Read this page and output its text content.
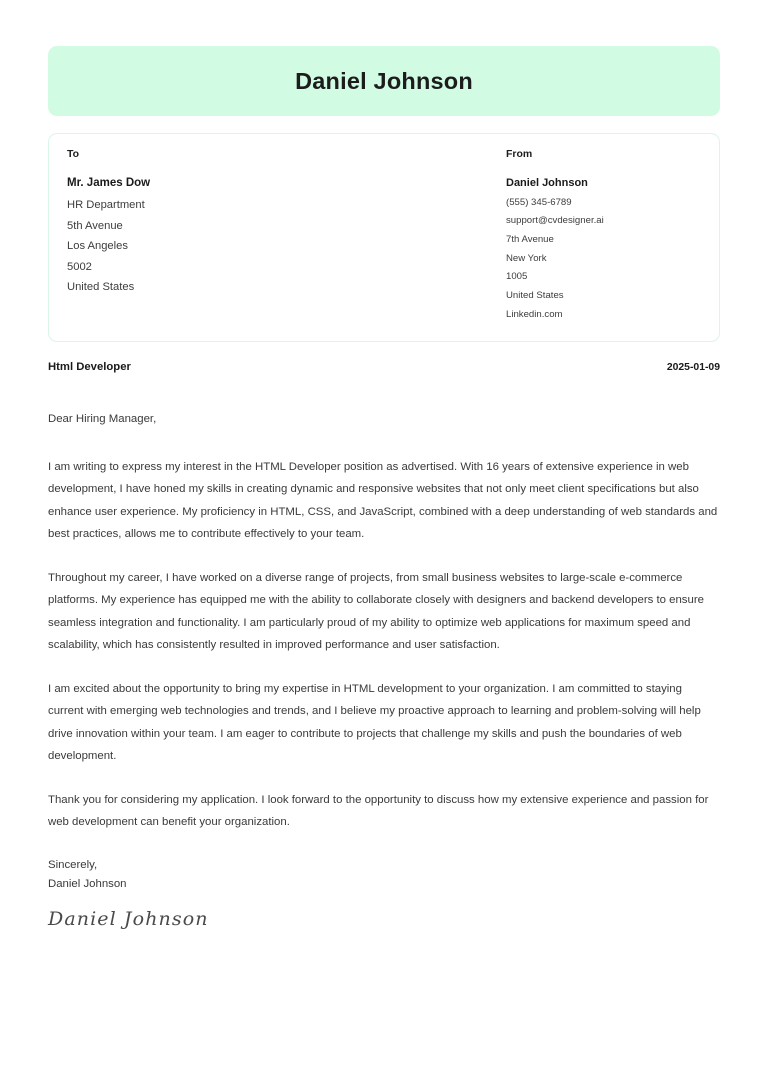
Daniel Johnson
To
Mr. James Dow
HR Department
5th Avenue
Los Angeles
5002
United States
From
Daniel Johnson
(555) 345-6789
support@cvdesigner.ai
7th Avenue
New York
1005
United States
Linkedin.com
Html Developer	2025-01-09

Dear Hiring Manager,

I am writing to express my interest in the HTML Developer position as advertised. With 16 years of extensive experience in web development, I have honed my skills in creating dynamic and responsive websites that not only meet client specifications but also enhance user experience. My proficiency in HTML, CSS, and JavaScript, combined with a deep understanding of web standards and best practices, allows me to contribute effectively to your team.

Throughout my career, I have worked on a diverse range of projects, from small business websites to large-scale e-commerce platforms. My experience has equipped me with the ability to collaborate closely with designers and backend developers to ensure seamless integration and functionality. I am particularly proud of my ability to optimize web applications for maximum speed and scalability, which has consistently resulted in improved performance and user satisfaction.

I am excited about the opportunity to bring my expertise in HTML development to your organization. I am committed to staying current with emerging web technologies and trends, and I believe my proactive approach to learning and problem-solving will help drive innovation within your team. I am eager to contribute to projects that challenge my skills and push the boundaries of web development.

Thank you for considering my application. I look forward to the opportunity to discuss how my extensive experience and passion for web development can benefit your organization.

Sincerely,
Daniel Johnson
Daniel Johnson
